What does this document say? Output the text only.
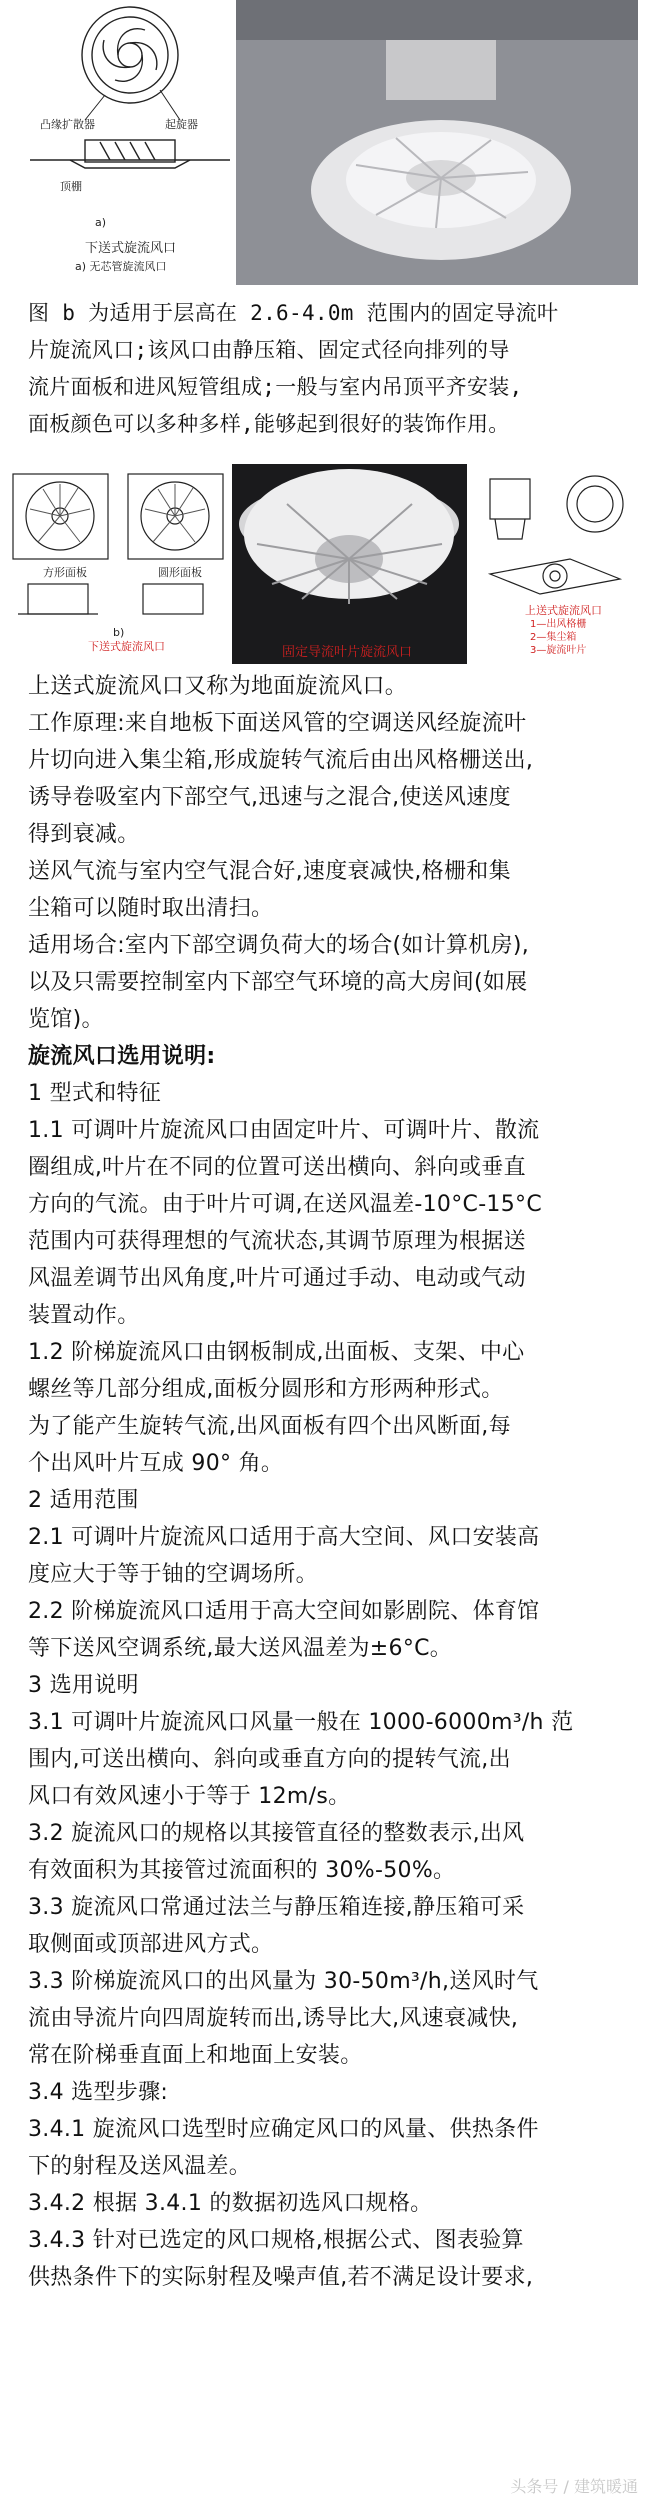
凸缘扩散器	起旋器
顶棚
a)
下送式旋流风口
a) 无芯管旋流风口
图 b 为适用于层高在 2.6-4.0m 范围内的固定导流叶
片旋流风口;该风口由静压箱、固定式径向排列的导
流片面板和进风短管组成;一般与室内吊顶平齐安装,
面板颜色可以多种多样,能够起到很好的装饰作用。
方形面板	圆形面板
b)
下送式旋流风口	固定导流叶片旋流风口
上送式旋流风口
1—出风格栅
2—集尘箱
3—旋流叶片
上送式旋流风口又称为地面旋流风口。
工作原理:来自地板下面送风管的空调送风经旋流叶
片切向进入集尘箱,形成旋转气流后由出风格栅送出,
诱导卷吸室内下部空气,迅速与之混合,使送风速度
得到衰减。
送风气流与室内空气混合好,速度衰减快,格栅和集
尘箱可以随时取出清扫。
适用场合:室内下部空调负荷大的场合(如计算机房),
以及只需要控制室内下部空气环境的高大房间(如展
览馆)。
旋流风口选用说明:
1 型式和特征
1.1 可调叶片旋流风口由固定叶片、可调叶片、散流
圈组成,叶片在不同的位置可送出横向、斜向或垂直
方向的气流。由于叶片可调,在送风温差-10°C-15°C
范围内可获得理想的气流状态,其调节原理为根据送
风温差调节出风角度,叶片可通过手动、电动或气动
装置动作。
1.2 阶梯旋流风口由钢板制成,出面板、支架、中心
螺丝等几部分组成,面板分圆形和方形两种形式。
为了能产生旋转气流,出风面板有四个出风断面,每
个出风叶片互成 90° 角。
2 适用范围
2.1 可调叶片旋流风口适用于高大空间、风口安装高
度应大于等于铀的空调场所。
2.2 阶梯旋流风口适用于高大空间如影剧院、体育馆
等下送风空调系统,最大送风温差为±6°C。
3 选用说明
3.1 可调叶片旋流风口风量一般在 1000-6000m³/h 范
围内,可送出横向、斜向或垂直方向的提转气流,出
风口有效风速小于等于 12m/s。
3.2 旋流风口的规格以其接管直径的整数表示,出风
有效面积为其接管过流面积的 30%-50%。
3.3 旋流风口常通过法兰与静压箱连接,静压箱可采
取侧面或顶部进风方式。
3.3 阶梯旋流风口的出风量为 30-50m³/h,送风时气
流由导流片向四周旋转而出,诱导比大,风速衰减快,
常在阶梯垂直面上和地面上安装。
3.4 选型步骤:
3.4.1 旋流风口选型时应确定风口的风量、供热条件
下的射程及送风温差。
3.4.2 根据 3.4.1 的数据初选风口规格。
3.4.3 针对已选定的风口规格,根据公式、图表验算
供热条件下的实际射程及噪声值,若不满足设计要求,
头条号 / 建筑暖通
